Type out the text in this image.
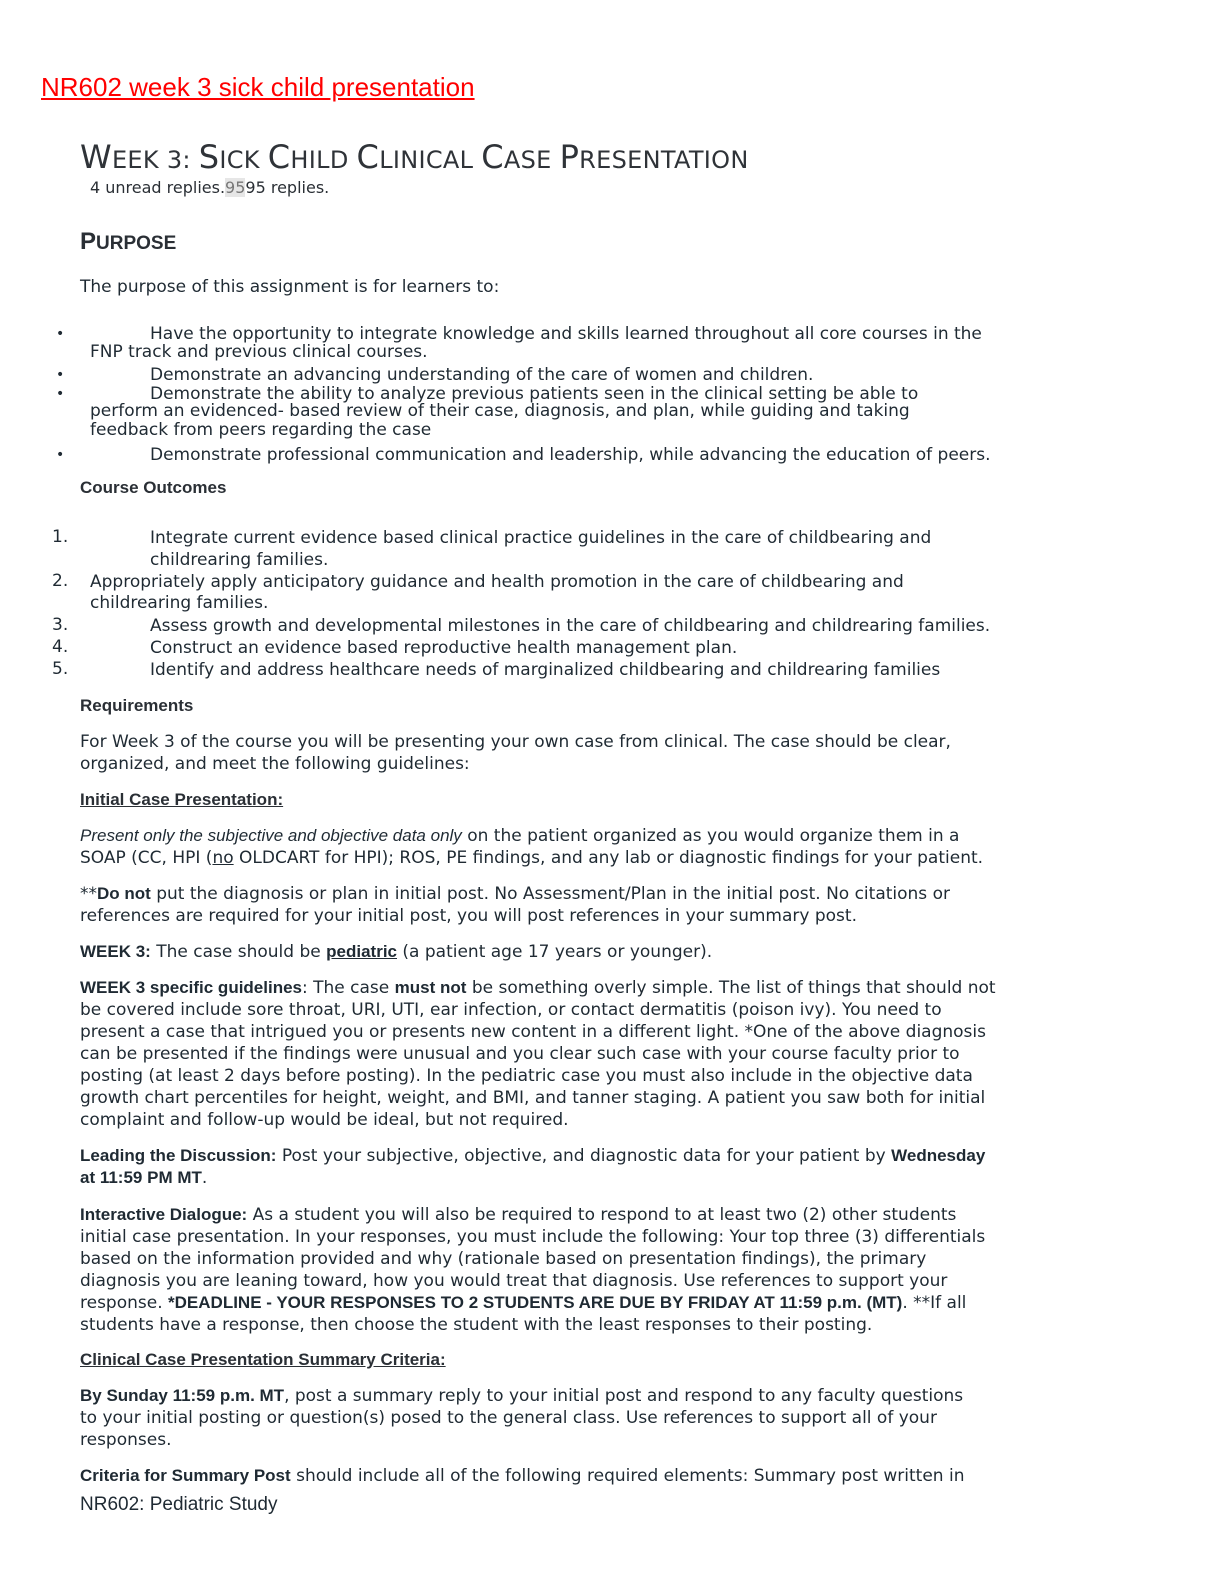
NR602 week 3 sick child presentation
WEEK 3: SICK CHILD CLINICAL CASE PRESENTATION
4 unread replies.9595 replies.
PURPOSE

The purpose of this assignment is for learners to:

•	Have the opportunity to integrate knowledge and skills learned throughout all core courses in the

FNP track and previous clinical courses.

•	Demonstrate an advancing understanding of the care of women and children.

•	Demonstrate the ability to analyze previous patients seen in the clinical setting be able to

perform an evidenced- based review of their case, diagnosis, and plan, while guiding and taking

feedback from peers regarding the case

•	Demonstrate professional communication and leadership, while advancing the education of peers.

Course Outcomes
1.	Integrate current evidence based clinical practice guidelines in the care of childbearing and

childrearing families.

2. Appropriately apply anticipatory guidance and health promotion in the care of childbearing and

childrearing families.

3.	Assess growth and developmental milestones in the care of childbearing and childrearing families.

4.	Construct an evidence based reproductive health management plan.

5.	Identify and address healthcare needs of marginalized childbearing and childrearing families

Requirements

For Week 3 of the course you will be presenting your own case from clinical. The case should be clear,

organized, and meet the following guidelines:

Initial Case Presentation:

Present only the subjective and objective data only on the patient organized as you would organize them in a

SOAP (CC, HPI (no OLDCART for HPI); ROS, PE findings, and any lab or diagnostic findings for your patient.

**Do not put the diagnosis or plan in initial post. No Assessment/Plan in the initial post. No citations or

references are required for your initial post, you will post references in your summary post.

WEEK 3: The case should be pediatric (a patient age 17 years or younger).

WEEK 3 specific guidelines: The case must not be something overly simple. The list of things that should not

be covered include sore throat, URI, UTI, ear infection, or contact dermatitis (poison ivy). You need to

present a case that intrigued you or presents new content in a different light. *One of the above diagnosis

can be presented if the findings were unusual and you clear such case with your course faculty prior to

posting (at least 2 days before posting). In the pediatric case you must also include in the objective data

growth chart percentiles for height, weight, and BMI, and tanner staging. A patient you saw both for initial

complaint and follow-up would be ideal, but not required.

Leading the Discussion: Post your subjective, objective, and diagnostic data for your patient by Wednesday

at 11:59 PM MT.

Interactive Dialogue: As a student you will also be required to respond to at least two (2) other students

initial case presentation. In your responses, you must include the following: Your top three (3) differentials

based on the information provided and why (rationale based on presentation findings), the primary

diagnosis you are leaning toward, how you would treat that diagnosis. Use references to support your

response. *DEADLINE - YOUR RESPONSES TO 2 STUDENTS ARE DUE BY FRIDAY AT 11:59 p.m. (MT). **If all

students have a response, then choose the student with the least responses to their posting.

Clinical Case Presentation Summary Criteria:

By Sunday 11:59 p.m. MT, post a summary reply to your initial post and respond to any faculty questions

to your initial posting or question(s) posed to the general class. Use references to support all of your

responses.

Criteria for Summary Post should include all of the following required elements: Summary post written in

NR602: Pediatric Study
